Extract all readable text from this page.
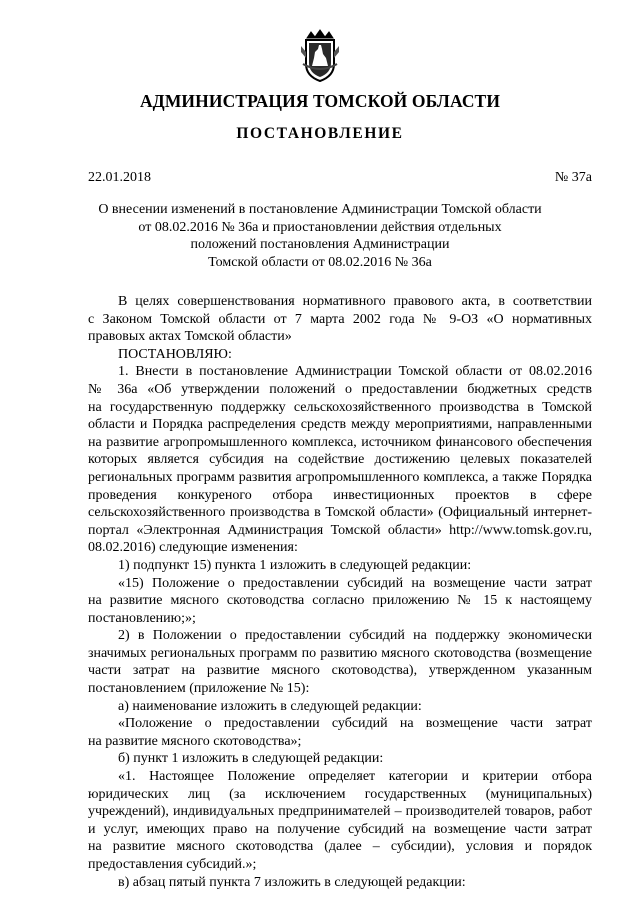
АДМИНИСТРАЦИЯ ТОМСКОЙ ОБЛАСТИ
ПОСТАНОВЛЕНИЕ
22.01.2018	№ 37а
О внесении изменений в постановление Администрации Томской области
от 08.02.2016 № 36а и приостановлении действия отдельных
положений постановления Администрации
Томской области от 08.02.2016 № 36а
В целях совершенствования нормативного правового акта, в соответствии
с Законом Томской области от 7 марта 2002 года № 9-ОЗ «О нормативных
правовых актах Томской области»
ПОСТАНОВЛЯЮ:
1. Внести в постановление Администрации Томской области от 08.02.2016
№ 36а «Об утверждении положений о предоставлении бюджетных средств
на государственную поддержку сельскохозяйственного производства в Томской
области и Порядка распределения средств между мероприятиями, направленными
на развитие агропромышленного комплекса, источником финансового обеспечения
которых является субсидия на содействие достижению целевых показателей
региональных программ развития агропромышленного комплекса, а также Порядка
проведения конкуреного отбора инвестиционных проектов в сфере
сельскохозяйственного производства в Томской области» (Официальный интернет-
портал «Электронная Администрация Томской области» http://www.tomsk.gov.ru,
08.02.2016) следующие изменения:
1) подпункт 15) пункта 1 изложить в следующей редакции:
«15) Положение о предоставлении субсидий на возмещение части затрат
на развитие мясного скотоводства согласно приложению № 15 к настоящему
постановлению;»;
2) в Положении о предоставлении субсидий на поддержку экономически
значимых региональных программ по развитию мясного скотоводства (возмещение
части затрат на развитие мясного скотоводства), утвержденном указанным
постановлением (приложение № 15):
а) наименование изложить в следующей редакции:
«Положение о предоставлении субсидий на возмещение части затрат
на развитие мясного скотоводства»;
б) пункт 1 изложить в следующей редакции:
«1. Настоящее Положение определяет категории и критерии отбора
юридических лиц (за исключением государственных (муниципальных)
учреждений), индивидуальных предпринимателей – производителей товаров, работ
и услуг, имеющих право на получение субсидий на возмещение части затрат
на развитие мясного скотоводства (далее – субсидии), условия и порядок
предоставления субсидий.»;
в) абзац пятый пункта 7 изложить в следующей редакции:
